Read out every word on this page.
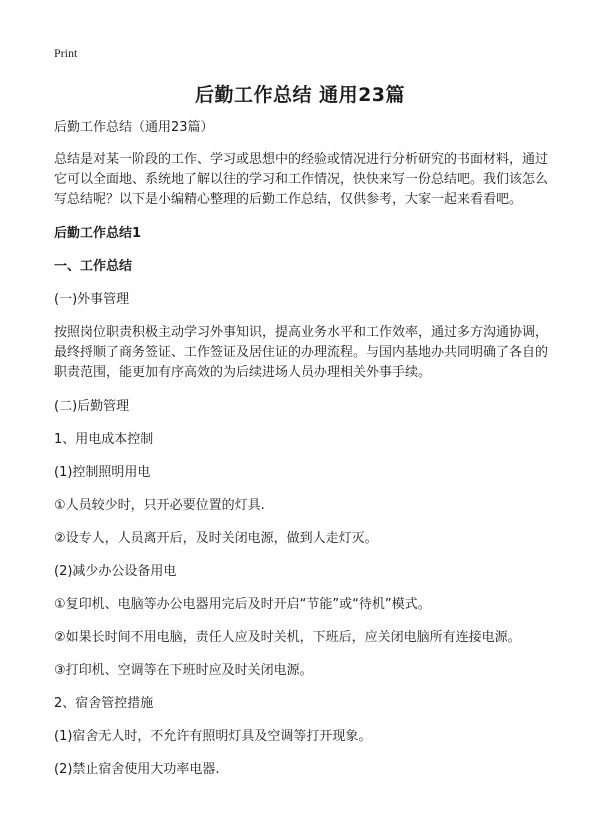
Print
后勤工作总结 通用23篇

后勤工作总结（通用23篇）

总结是对某一阶段的工作、学习或思想中的经验或情况进行分析研究的书面材料，通过它可以全面地、系统地了解以往的学习和工作情况，快快来写一份总结吧。我们该怎么写总结呢？以下是小编精心整理的后勤工作总结，仅供参考，大家一起来看看吧。

后勤工作总结1

一、工作总结

(一)外事管理

按照岗位职责积极主动学习外事知识，提高业务水平和工作效率，通过多方沟通协调，最终捋顺了商务签证、工作签证及居住证的办理流程。与国内基地办共同明确了各自的职责范围，能更加有序高效的为后续进场人员办理相关外事手续。

(二)后勤管理

1、用电成本控制

(1)控制照明用电

①人员较少时，只开必要位置的灯具.

②设专人，人员离开后，及时关闭电源，做到人走灯灭。

(2)减少办公设备用电

①复印机、电脑等办公电器用完后及时开启“节能”或“待机”模式。

②如果长时间不用电脑，责任人应及时关机，下班后，应关闭电脑所有连接电源。

③打印机、空调等在下班时应及时关闭电源。

2、宿舍管控措施

(1)宿舍无人时，不允许有照明灯具及空调等打开现象。

(2)禁止宿舍使用大功率电器.
